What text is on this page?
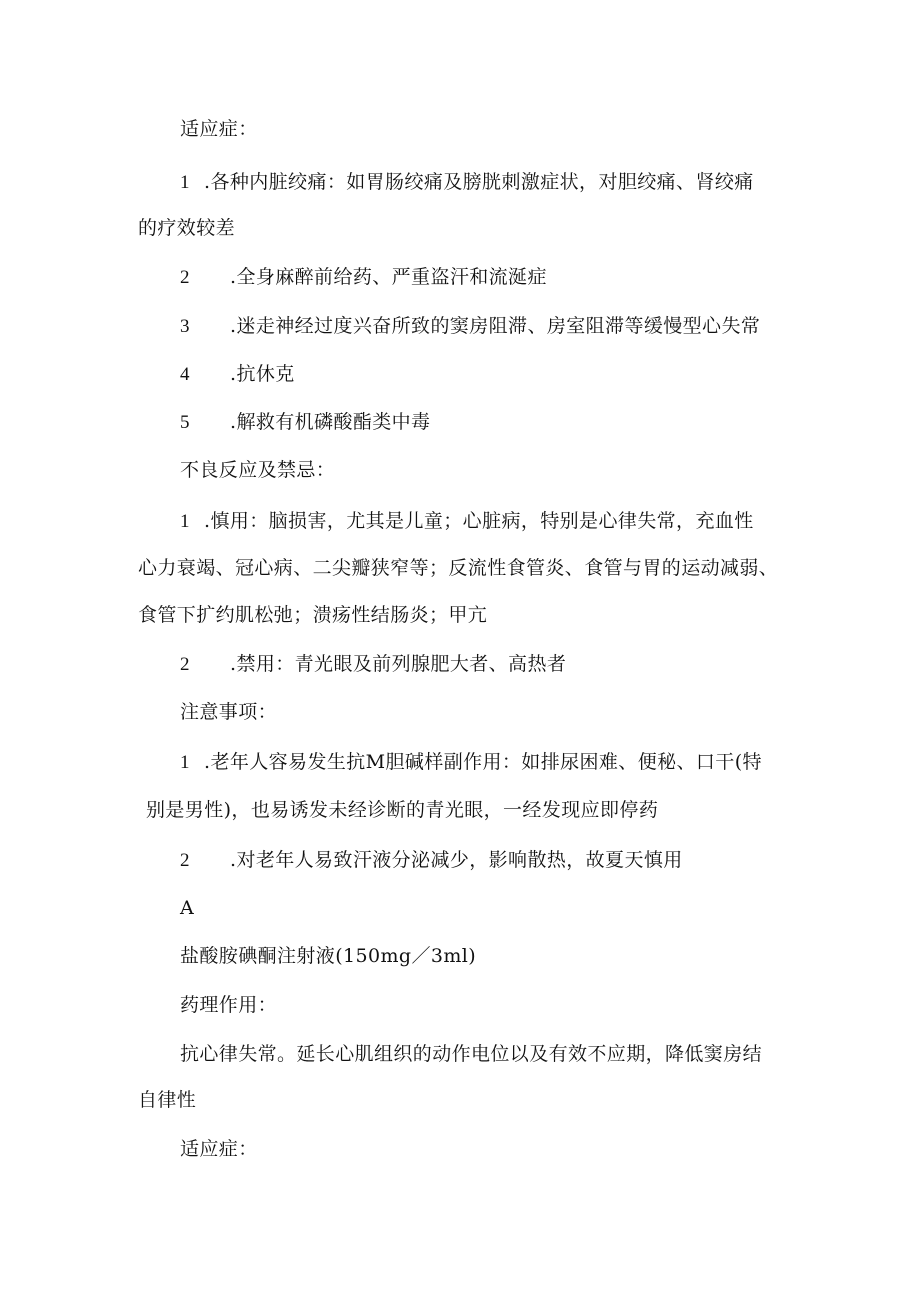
适应症：
1 .各种内脏绞痛：如胃肠绞痛及膀胱刺激症状，对胆绞痛、肾绞痛
的疗效较差
2 .全身麻醉前给药、严重盗汗和流涎症
3 .迷走神经过度兴奋所致的窦房阻滞、房室阻滞等缓慢型心失常
4 .抗休克
5 .解救有机磷酸酯类中毒
不良反应及禁忌：
1 .慎用：脑损害，尤其是儿童；心脏病，特别是心律失常，充血性
心力衰竭、冠心病、二尖瓣狭窄等；反流性食管炎、食管与胃的运动减弱、
食管下扩约肌松弛；溃疡性结肠炎；甲亢
2 .禁用：青光眼及前列腺肥大者、高热者
注意事项：
1 .老年人容易发生抗M胆碱样副作用：如排尿困难、便秘、口干(特
别是男性)，也易诱发未经诊断的青光眼，一经发现应即停药
2 .对老年人易致汗液分泌减少，影响散热，故夏天慎用
A
盐酸胺碘酮注射液(150mg／3ml)
药理作用：
抗心律失常。延长心肌组织的动作电位以及有效不应期，降低窦房结
自律性
适应症：
